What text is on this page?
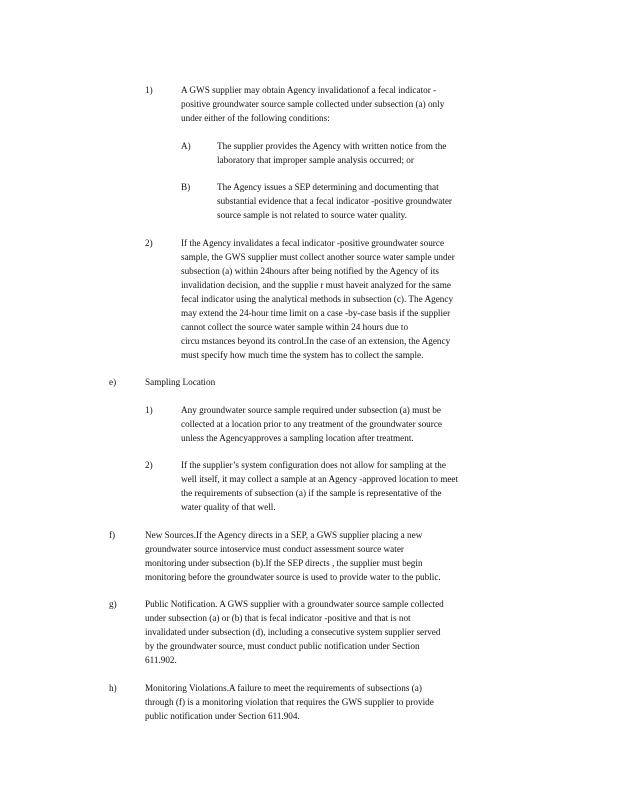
1)	A GWS supplier may obtain Agency invalidationof a fecal indicator -
positive groundwater source sample collected under subsection (a) only
under either of the following conditions:
A)	The supplier provides the Agency with written notice from the
laboratory that improper sample analysis occurred; or
B)	The Agency issues a SEP determining and documenting that
substantial evidence that a fecal indicator -positive groundwater
source sample is not related to source water quality.
2)	If the Agency invalidates a fecal indicator -positive groundwater source
sample, the GWS supplier must collect another source water sample under
subsection (a) within 24hours after being notified by the Agency of its
invalidation decision, and the supplie r must haveit analyzed for the same
fecal indicator using the analytical methods in subsection (c). The Agency
may extend the 24-hour time limit on a case -by-case basis if the supplier
cannot collect the source water sample within 24 hours due to
circu mstances beyond its control.In the case of an extension, the Agency
must specify how much time the system has to collect the sample.
e)	Sampling Location
1)	Any groundwater source sample required under subsection (a) must be
collected at a location prior to any treatment of the groundwater source
unless the Agencyapproves a sampling location after treatment.
2)	If the supplier’s system configuration does not allow for sampling at the
well itself, it may collect a sample at an Agency -approved location to meet
the requirements of subsection (a) if the sample is representative of the
water quality of that well.
f)	New Sources.If the Agency directs in a SEP, a GWS supplier placing a new
groundwater source intoservice must conduct assessment source water
monitoring under subsection (b).If the SEP directs , the supplier must begin
monitoring before the groundwater source is used to provide water to the public.
g)	Public Notification. A GWS supplier with a groundwater source sample collected
under subsection (a) or (b) that is fecal indicator -positive and that is not
invalidated under subsection (d), including a consecutive system supplier served
by the groundwater source, must conduct public notification under Section
611.902.
h)	Monitoring Violations.A failure to meet the requirements of subsections (a)
through (f) is a monitoring violation that requires the GWS supplier to provide
public notification under Section 611.904.
